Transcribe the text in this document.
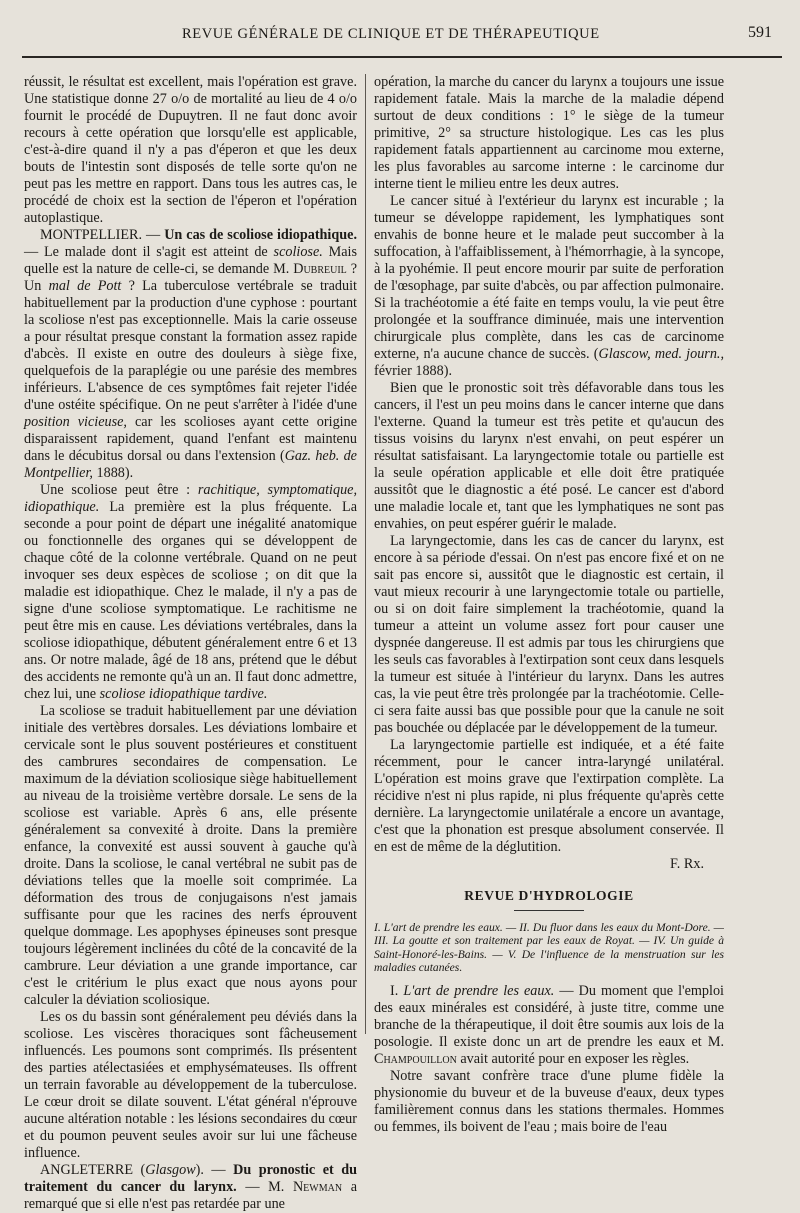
REVUE GÉNÉRALE DE CLINIQUE ET DE THÉRAPEUTIQUE	591

réussit, le résultat est excellent, mais l'opération est grave. Une statistique donne 27 o/o de mortalité au lieu de 4 o/o fournit le procédé de Dupuytren. Il ne faut donc avoir recours à cette opération que lorsqu'elle est applicable, c'est-à-dire quand il n'y a pas d'éperon et que les deux bouts de l'intestin sont disposés de telle sorte qu'on ne peut pas les mettre en rapport. Dans tous les autres cas, le procédé de choix est la section de l'éperon et l'opération autoplastique.

MONTPELLIER. — Un cas de scoliose idiopathique. — Le malade dont il s'agit est atteint de scoliose. Mais quelle est la nature de celle-ci, se demande M. Dubreuil ? Un mal de Pott ? La tuberculose vertébrale se traduit habituellement par la production d'une cyphose : pourtant la scoliose n'est pas exceptionnelle. Mais la carie osseuse a pour résultat presque constant la formation assez rapide d'abcès. Il existe en outre des douleurs à siège fixe, quelquefois de la paraplégie ou une parésie des membres inférieurs. L'absence de ces symptômes fait rejeter l'idée d'une ostéite spécifique. On ne peut s'arrêter à l'idée d'une position vicieuse, car les scolioses ayant cette origine disparaissent rapidement, quand l'enfant est maintenu dans le décubitus dorsal ou dans l'extension (Gaz. heb. de Montpellier, 1888).

Une scoliose peut être : rachitique, symptomatique, idiopathique. La première est la plus fréquente. La seconde a pour point de départ une inégalité anatomique ou fonctionnelle des organes qui se développent de chaque côté de la colonne vertébrale. Quand on ne peut invoquer ses deux espèces de scoliose ; on dit que la maladie est idiopathique. Chez le malade, il n'y a pas de signe d'une scoliose symptomatique. Le rachitisme ne peut être mis en cause. Les déviations vertébrales, dans la scoliose idiopathique, débutent généralement entre 6 et 13 ans. Or notre malade, âgé de 18 ans, prétend que le début des accidents ne remonte qu'à un an. Il faut donc admettre, chez lui, une scoliose idiopathique tardive.

La scoliose se traduit habituellement par une déviation initiale des vertèbres dorsales. Les déviations lombaire et cervicale sont le plus souvent postérieures et constituent des cambrures secondaires de compensation. Le maximum de la déviation scoliosique siège habituellement au niveau de la troisième vertèbre dorsale. Le sens de la scoliose est variable. Après 6 ans, elle présente généralement sa convexité à droite. Dans la première enfance, la convexité est aussi souvent à gauche qu'à droite. Dans la scoliose, le canal vertébral ne subit pas de déviations telles que la moelle soit comprimée. La déformation des trous de conjugaisons n'est jamais suffisante pour que les racines des nerfs éprouvent quelque dommage. Les apophyses épineuses sont presque toujours légèrement inclinées du côté de la concavité de la cambrure. Leur déviation a une grande importance, car c'est le critérium le plus exact que nous ayons pour calculer la déviation scoliosique.

Les os du bassin sont généralement peu déviés dans la scoliose. Les viscères thoraciques sont fâcheusement influencés. Les poumons sont comprimés. Ils présentent des parties atélectasiées et emphysémateuses. Ils offrent un terrain favorable au développement de la tuberculose. Le cœur droit se dilate souvent. L'état général n'éprouve aucune altération notable : les lésions secondaires du cœur et du poumon peuvent seules avoir sur lui une fâcheuse influence.

ANGLETERRE (Glasgow). — Du pronostic et du traitement du cancer du larynx. — M. Newman a remarqué que si elle n'est pas retardée par une

opération, la marche du cancer du larynx a toujours une issue rapidement fatale. Mais la marche de la maladie dépend surtout de deux conditions : 1° le siège de la tumeur primitive, 2° sa structure histologique. Les cas les plus rapidement fatals appartiennent au carcinome mou externe, les plus favorables au sarcome interne : le carcinome dur interne tient le milieu entre les deux autres.

Le cancer situé à l'extérieur du larynx est incurable ; la tumeur se développe rapidement, les lymphatiques sont envahis de bonne heure et le malade peut succomber à la suffocation, à l'affaiblissement, à l'hémorrhagie, à la syncope, à la pyohémie. Il peut encore mourir par suite de perforation de l'œsophage, par suite d'abcès, ou par affection pulmonaire. Si la trachéotomie a été faite en temps voulu, la vie peut être prolongée et la souffrance diminuée, mais une intervention chirurgicale plus complète, dans les cas de carcinome externe, n'a aucune chance de succès. (Glascow, med. journ., février 1888).

Bien que le pronostic soit très défavorable dans tous les cancers, il l'est un peu moins dans le cancer interne que dans l'externe. Quand la tumeur est très petite et qu'aucun des tissus voisins du larynx n'est envahi, on peut espérer un résultat satisfaisant. La laryngectomie totale ou partielle est la seule opération applicable et elle doit être pratiquée aussitôt que le diagnostic a été posé. Le cancer est d'abord une maladie locale et, tant que les lymphatiques ne sont pas envahies, on peut espérer guérir le malade.

La laryngectomie, dans les cas de cancer du larynx, est encore à sa période d'essai. On n'est pas encore fixé et on ne sait pas encore si, aussitôt que le diagnostic est certain, il vaut mieux recourir à une laryngectomie totale ou partielle, ou si on doit faire simplement la trachéotomie, quand la tumeur a atteint un volume assez fort pour causer une dyspnée dangereuse. Il est admis par tous les chirurgiens que les seuls cas favorables à l'extirpation sont ceux dans lesquels la tumeur est située à l'intérieur du larynx. Dans les autres cas, la vie peut être très prolongée par la trachéotomie. Celle-ci sera faite aussi bas que possible pour que la canule ne soit pas bouchée ou déplacée par le développement de la tumeur.

La laryngectomie partielle est indiquée, et a été faite récemment, pour le cancer intra-laryngé unilatéral. L'opération est moins grave que l'extirpation complète. La récidive n'est ni plus rapide, ni plus fréquente qu'après cette dernière. La laryngectomie unilatérale a encore un avantage, c'est que la phonation est presque absolument conservée. Il en est de même de la déglutition.

F. Rx.

REVUE D'HYDROLOGIE

I. L'art de prendre les eaux. — II. Du fluor dans les eaux du Mont-Dore. — III. La goutte et son traitement par les eaux de Royat. — IV. Un guide à Saint-Honoré-les-Bains. — V. De l'influence de la menstruation sur les maladies cutanées.

I. L'art de prendre les eaux. — Du moment que l'emploi des eaux minérales est considéré, à juste titre, comme une branche de la thérapeutique, il doit être soumis aux lois de la posologie. Il existe donc un art de prendre les eaux et M. Champouillon avait autorité pour en exposer les règles.

Notre savant confrère trace d'une plume fidèle la physionomie du buveur et de la buveuse d'eaux, deux types familièrement connus dans les stations thermales. Hommes ou femmes, ils boivent de l'eau ; mais boire de l'eau
